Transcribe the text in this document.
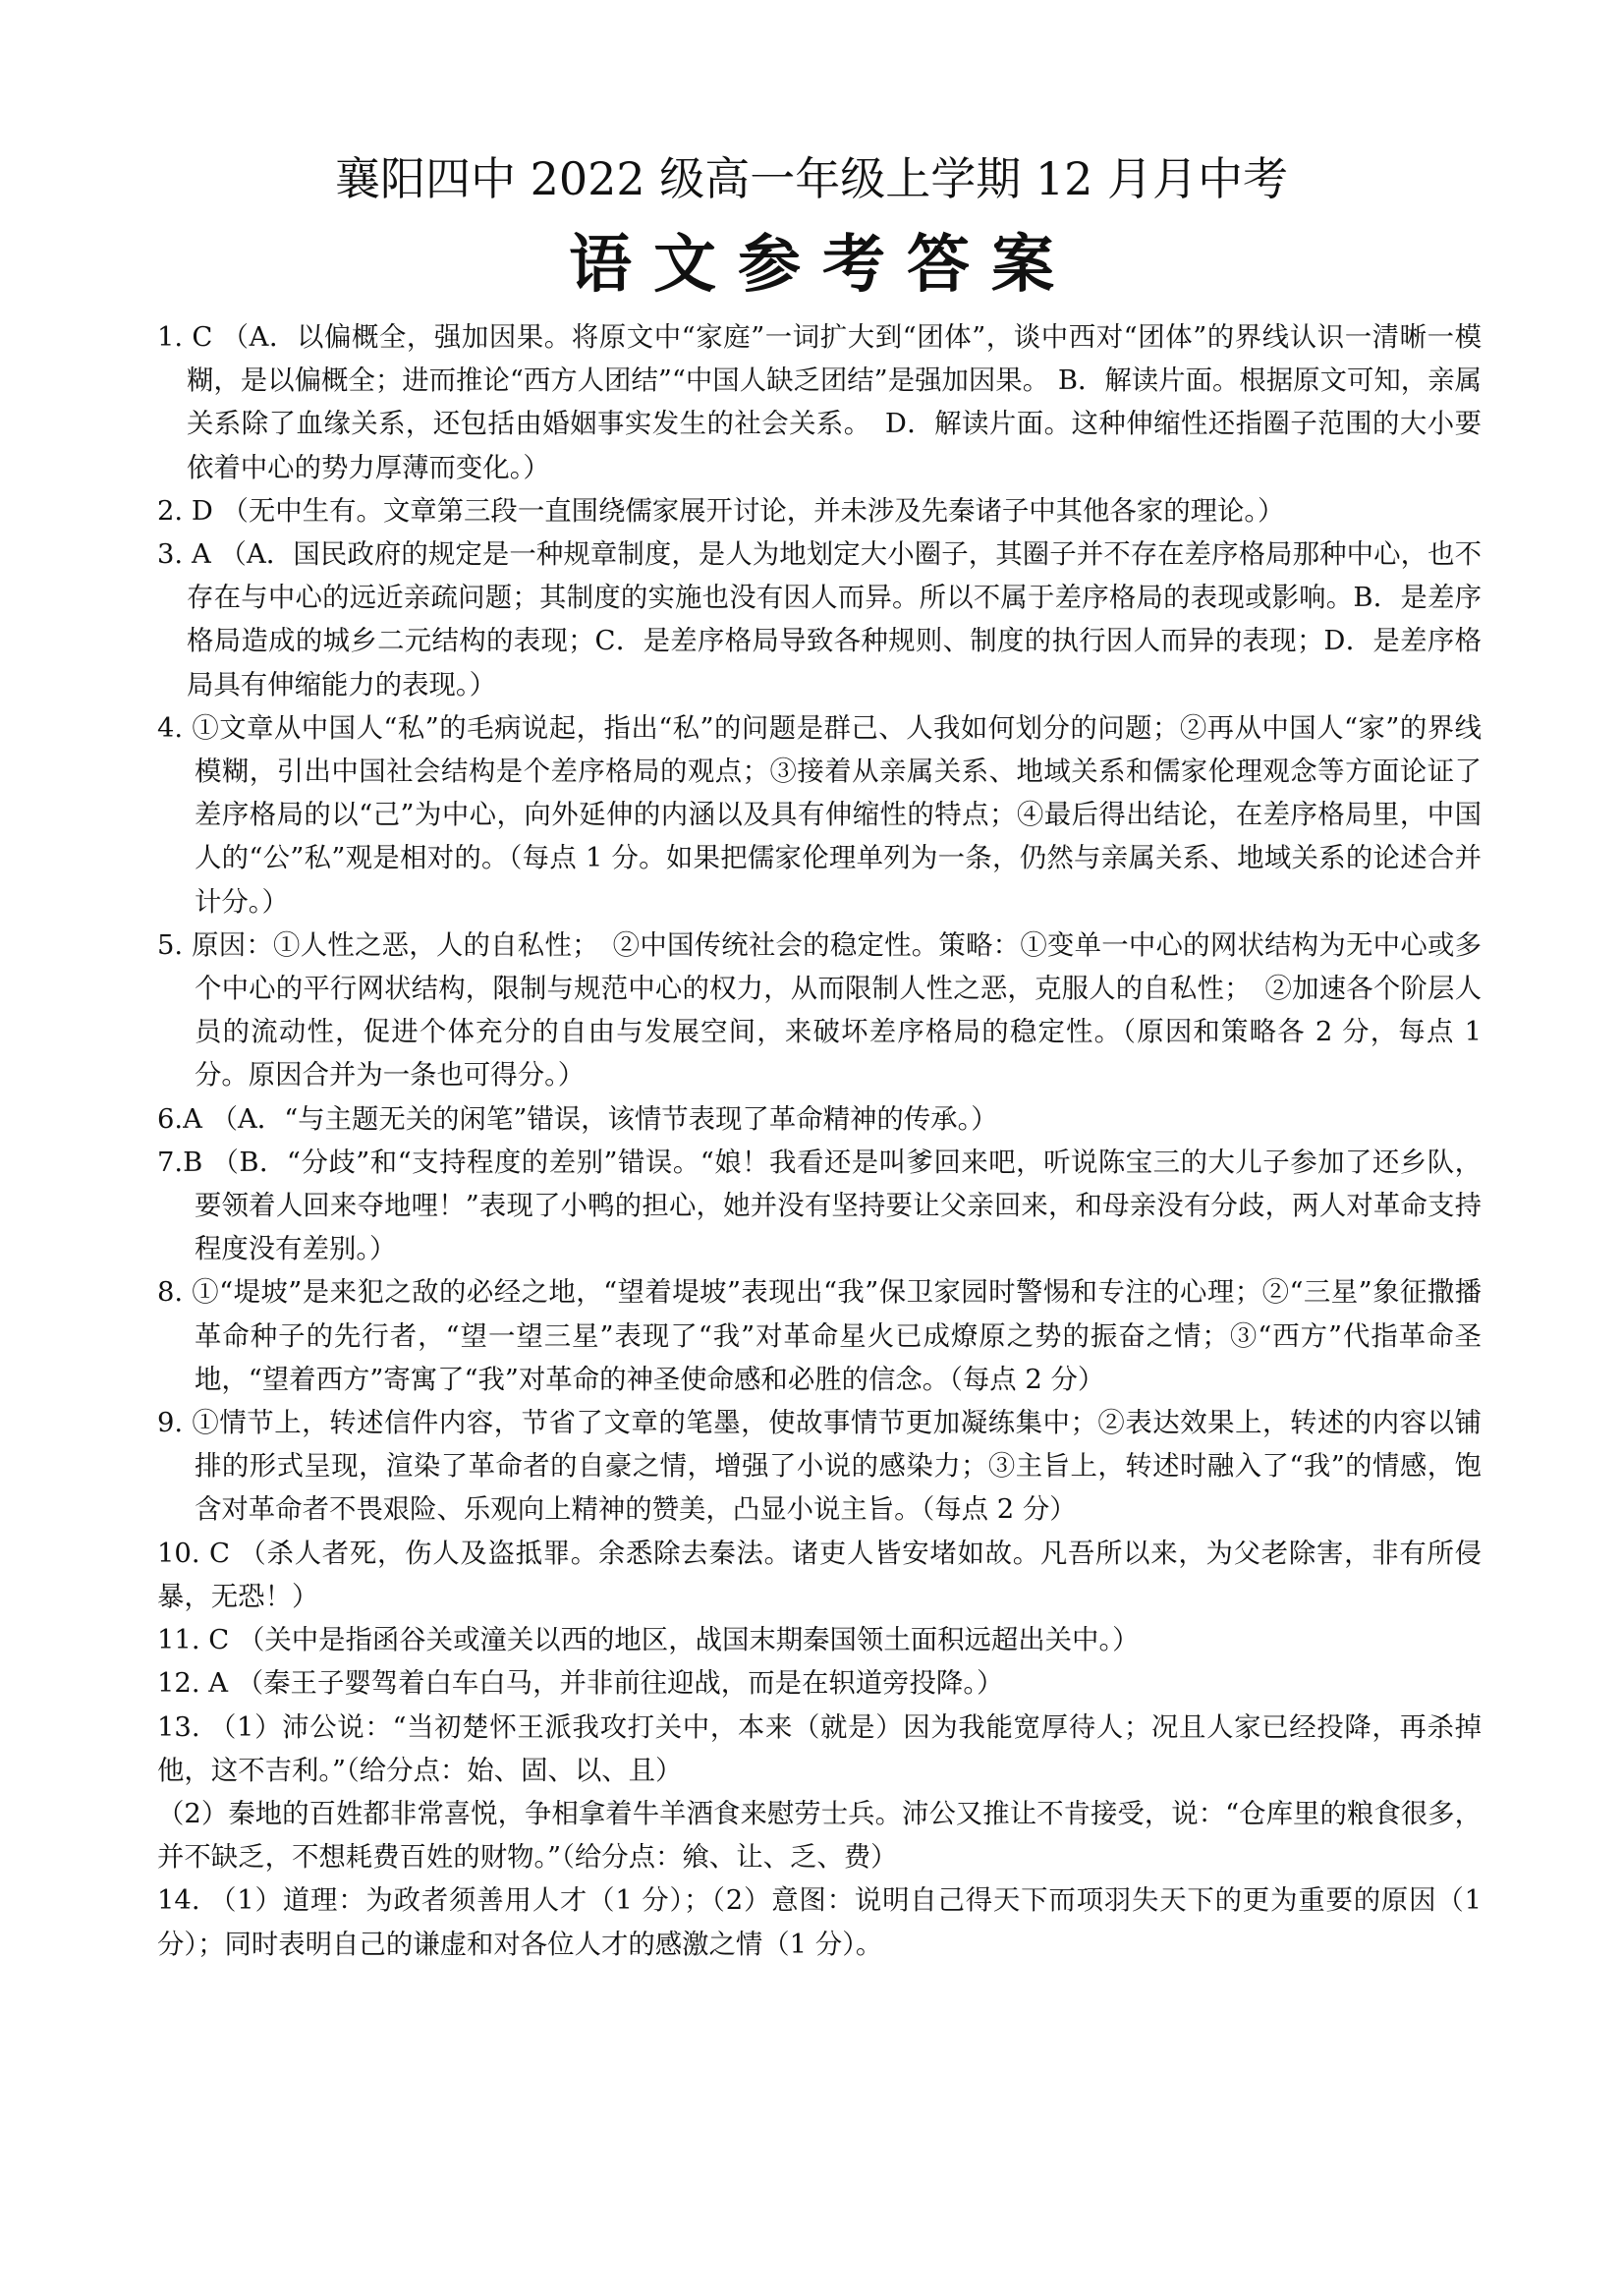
襄阳四中 2022 级高一年级上学期 12 月月中考
语文参考答案
1. C （A．以偏概全，强加因果。将原文中“家庭”一词扩大到“团体”，谈中西对“团体”的界线认识一清晰一模糊，是以偏概全；进而推论“西方人团结”“中国人缺乏团结”是强加因果。 B．解读片面。根据原文可知，亲属关系除了血缘关系，还包括由婚姻事实发生的社会关系。　D．解读片面。这种伸缩性还指圈子范围的大小要依着中心的势力厚薄而变化。）
2. D （无中生有。文章第三段一直围绕儒家展开讨论，并未涉及先秦诸子中其他各家的理论。）
3. A （A．国民政府的规定是一种规章制度，是人为地划定大小圈子，其圈子并不存在差序格局那种中心，也不存在与中心的远近亲疏问题；其制度的实施也没有因人而异。所以不属于差序格局的表现或影响。B．是差序格局造成的城乡二元结构的表现；C．是差序格局导致各种规则、制度的执行因人而异的表现；D．是差序格局具有伸缩能力的表现。）
4. ①文章从中国人“私”的毛病说起，指出“私”的问题是群己、人我如何划分的问题；②再从中国人“家”的界线模糊，引出中国社会结构是个差序格局的观点；③接着从亲属关系、地域关系和儒家伦理观念等方面论证了差序格局的以“己”为中心，向外延伸的内涵以及具有伸缩性的特点；④最后得出结论，在差序格局里，中国人的“公”私”观是相对的。（每点 1 分。如果把儒家伦理单列为一条，仍然与亲属关系、地域关系的论述合并计分。）
5. 原因：①人性之恶，人的自私性；　②中国传统社会的稳定性。策略：①变单一中心的网状结构为无中心或多个中心的平行网状结构，限制与规范中心的权力，从而限制人性之恶，克服人的自私性；　②加速各个阶层人员的流动性，促进个体充分的自由与发展空间，来破坏差序格局的稳定性。（原因和策略各 2 分，每点 1 分。原因合并为一条也可得分。）
6.A （A．“与主题无关的闲笔”错误，该情节表现了革命精神的传承。）
7.B （B．“分歧”和“支持程度的差别”错误。“娘！我看还是叫爹回来吧，听说陈宝三的大儿子参加了还乡队，要领着人回来夺地哩！”表现了小鸭的担心，她并没有坚持要让父亲回来，和母亲没有分歧，两人对革命支持程度没有差别。）
8. ①“堤坡”是来犯之敌的必经之地，“望着堤坡”表现出“我”保卫家园时警惕和专注的心理；②“三星”象征撒播革命种子的先行者，“望一望三星”表现了“我”对革命星火已成燎原之势的振奋之情；③“西方”代指革命圣地，“望着西方”寄寓了“我”对革命的神圣使命感和必胜的信念。（每点 2 分）
9. ①情节上，转述信件内容，节省了文章的笔墨，使故事情节更加凝练集中；②表达效果上，转述的内容以铺排的形式呈现，渲染了革命者的自豪之情，增强了小说的感染力；③主旨上，转述时融入了“我”的情感，饱含对革命者不畏艰险、乐观向上精神的赞美，凸显小说主旨。（每点 2 分）
10. C （杀人者死，伤人及盗抵罪。余悉除去秦法。诸吏人皆安堵如故。凡吾所以来，为父老除害，非有所侵暴，无恐！）
11. C （关中是指函谷关或潼关以西的地区，战国末期秦国领土面积远超出关中。）
12. A （秦王子婴驾着白车白马，并非前往迎战，而是在轵道旁投降。）
13. （1）沛公说：“当初楚怀王派我攻打关中，本来（就是）因为我能宽厚待人；况且人家已经投降，再杀掉他，这不吉利。”（给分点：始、固、以、且）
（2）秦地的百姓都非常喜悦，争相拿着牛羊酒食来慰劳士兵。沛公又推让不肯接受，说：“仓库里的粮食很多，并不缺乏，不想耗费百姓的财物。”（给分点：飨、让、乏、费）
14. （1）道理：为政者须善用人才（1 分）；（2）意图：说明自己得天下而项羽失天下的更为重要的原因（1 分）；同时表明自己的谦虚和对各位人才的感激之情（1 分）。
